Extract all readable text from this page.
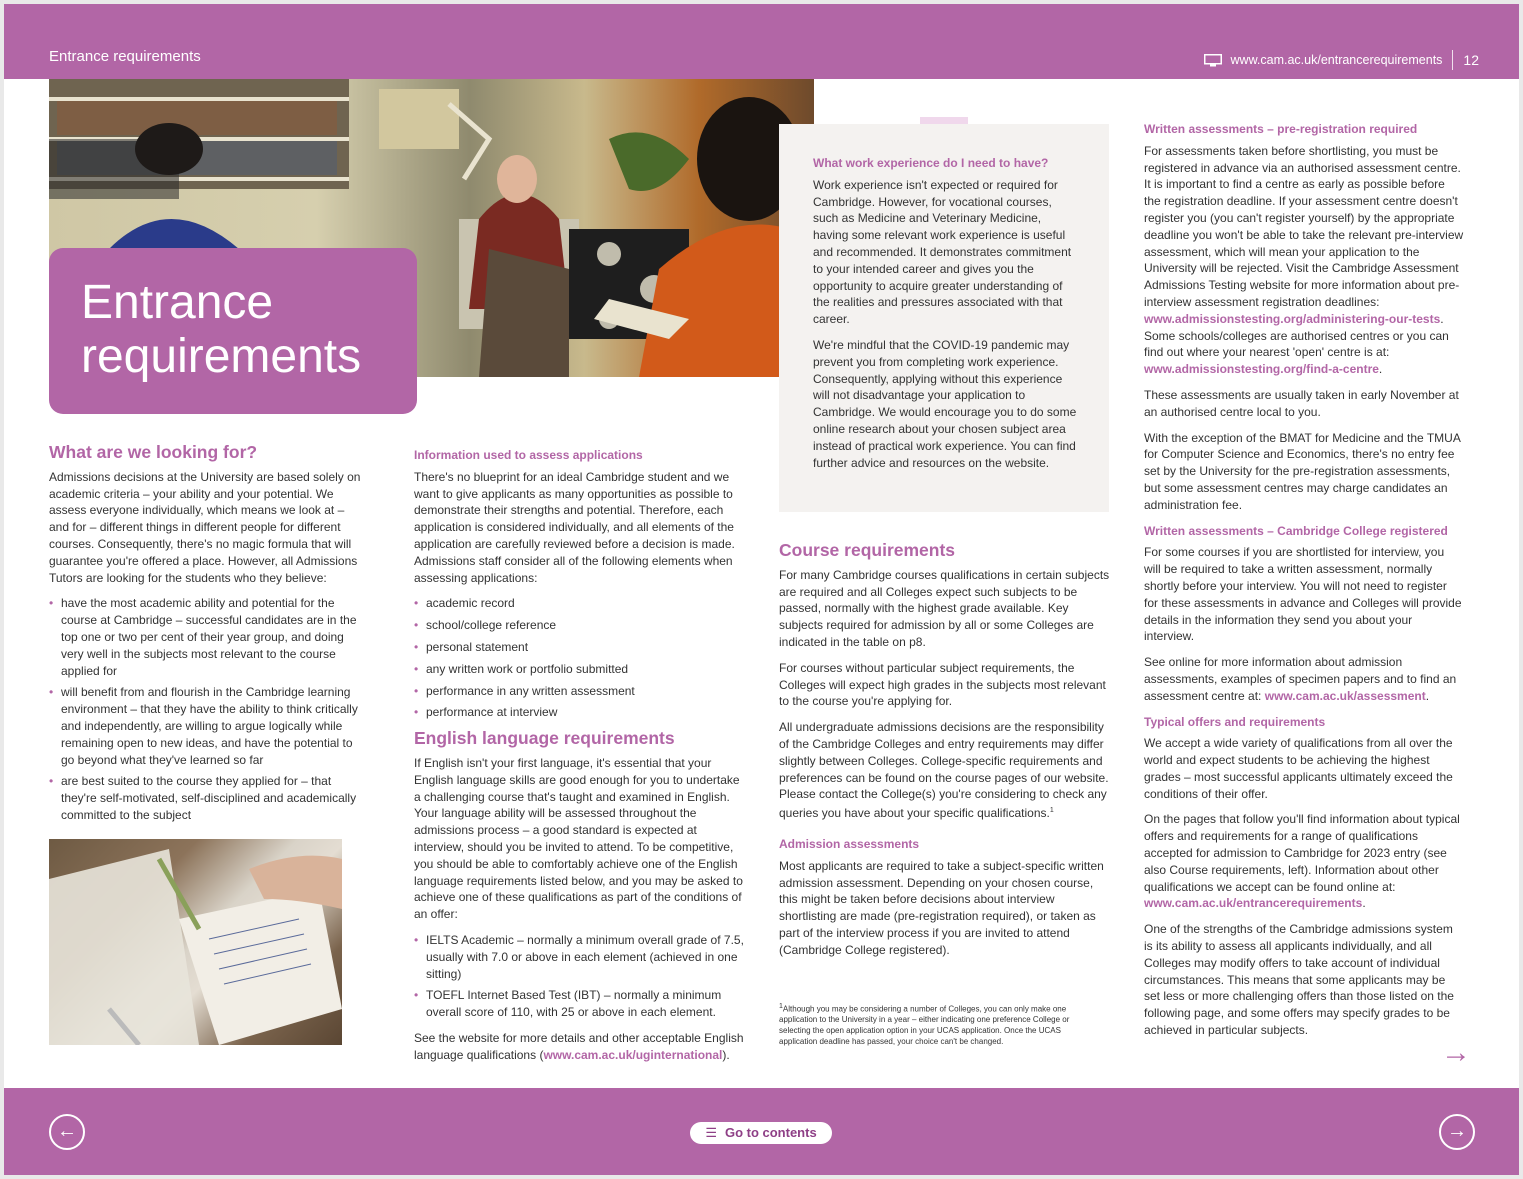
Entrance requirements	www.cam.ac.uk/entrancerequirements 12
Entrance
requirements
What are we looking for?

Admissions decisions at the University are based solely on academic criteria – your ability and your potential. We assess everyone individually, which means we look at – and for – different things in different people for different courses. Consequently, there's no magic formula that will guarantee you're offered a place. However, all Admissions Tutors are looking for the students who they believe:

• have the most academic ability and potential for the course at Cambridge – successful candidates are in the top one or two per cent of their year group, and doing very well in the subjects most relevant to the course applied for
• will benefit from and flourish in the Cambridge learning environment – that they have the ability to think critically and independently, are willing to argue logically while remaining open to new ideas, and have the potential to go beyond what they've learned so far
• are best suited to the course they applied for – that they're self-motivated, self-disciplined and academically committed to the subject
Information used to assess applications

There's no blueprint for an ideal Cambridge student and we want to give applicants as many opportunities as possible to demonstrate their strengths and potential. Therefore, each application is considered individually, and all elements of the application are carefully reviewed before a decision is made. Admissions staff consider all of the following elements when assessing applications:

• academic record
• school/college reference
• personal statement
• any written work or portfolio submitted
• performance in any written assessment
• performance at interview
English language requirements

If English isn't your first language, it's essential that your English language skills are good enough for you to undertake a challenging course that's taught and examined in English. Your language ability will be assessed throughout the admissions process – a good standard is expected at interview, should you be invited to attend. To be competitive, you should be able to comfortably achieve one of the English language requirements listed below, and you may be asked to achieve one of these qualifications as part of the conditions of an offer:

• IELTS Academic – normally a minimum overall grade of 7.5, usually with 7.0 or above in each element (achieved in one sitting)
• TOEFL Internet Based Test (IBT) – normally a minimum overall score of 110, with 25 or above in each element.

See the website for more details and other acceptable English language qualifications (www.cam.ac.uk/uginternational).

What work experience do I need to have?

Work experience isn't expected or required for Cambridge. However, for vocational courses, such as Medicine and Veterinary Medicine, having some relevant work experience is useful and recommended. It demonstrates commitment to your intended career and gives you the opportunity to acquire greater understanding of the realities and pressures associated with that career.

We're mindful that the COVID-19 pandemic may prevent you from completing work experience. Consequently, applying without this experience will not disadvantage your application to Cambridge. We would encourage you to do some online research about your chosen subject area instead of practical work experience. You can find further advice and resources on the website.

Course requirements

For many Cambridge courses qualifications in certain subjects are required and all Colleges expect such subjects to be passed, normally with the highest grade available. Key subjects required for admission by all or some Colleges are indicated in the table on p8.

For courses without particular subject requirements, the Colleges will expect high grades in the subjects most relevant to the course you're applying for.

All undergraduate admissions decisions are the responsibility of the Cambridge Colleges and entry requirements may differ slightly between Colleges. College-specific requirements and preferences can be found on the course pages of our website. Please contact the College(s) you're considering to check any queries you have about your specific qualifications.$^1$

Admission assessments

Most applicants are required to take a subject-specific written admission assessment. Depending on your chosen course, this might be taken before decisions about interview shortlisting are made (pre-registration required), or taken as part of the interview process if you are invited to attend (Cambridge College registered).

$^1$Although you may be considering a number of Colleges, you can only make one application to the University in a year – either indicating one preference College or selecting the open application option in your UCAS application. Once the UCAS application deadline has passed, your choice can't be changed.
Written assessments – pre-registration required

For assessments taken before shortlisting, you must be registered in advance via an authorised assessment centre. It is important to find a centre as early as possible before the registration deadline. If your assessment centre doesn't register you (you can't register yourself) by the appropriate deadline you won't be able to take the relevant pre-interview assessment, which will mean your application to the University will be rejected. Visit the Cambridge Assessment Admissions Testing website for more information about pre-interview assessment registration deadlines: www.admissionstesting.org/administering-our-tests. Some schools/colleges are authorised centres or you can find out where your nearest 'open' centre is at: www.admissionstesting.org/find-a-centre.

These assessments are usually taken in early November at an authorised centre local to you.

With the exception of the BMAT for Medicine and the TMUA for Computer Science and Economics, there's no entry fee set by the University for the pre-registration assessments, but some assessment centres may charge candidates an administration fee.

Written assessments – Cambridge College registered

For some courses if you are shortlisted for interview, you will be required to take a written assessment, normally shortly before your interview. You will not need to register for these assessments in advance and Colleges will provide details in the information they send you about your interview.

See online for more information about admission assessments, examples of specimen papers and to find an assessment centre at: www.cam.ac.uk/assessment.

Typical offers and requirements

We accept a wide variety of qualifications from all over the world and expect students to be achieving the highest grades – most successful applicants ultimately exceed the conditions of their offer.

On the pages that follow you'll find information about typical offers and requirements for a range of qualifications accepted for admission to Cambridge for 2023 entry (see also Course requirements, left). Information about other qualifications we accept can be found online at: www.cam.ac.uk/entrancerequirements.

One of the strengths of the Cambridge admissions system is its ability to assess all applicants individually, and all Colleges may modify offers to take account of individual circumstances. This means that some applicants may be set less or more challenging offers than those listed on the following page, and some offers may specify grades to be achieved in particular subjects.

→
←	☰ Go to contents	→
